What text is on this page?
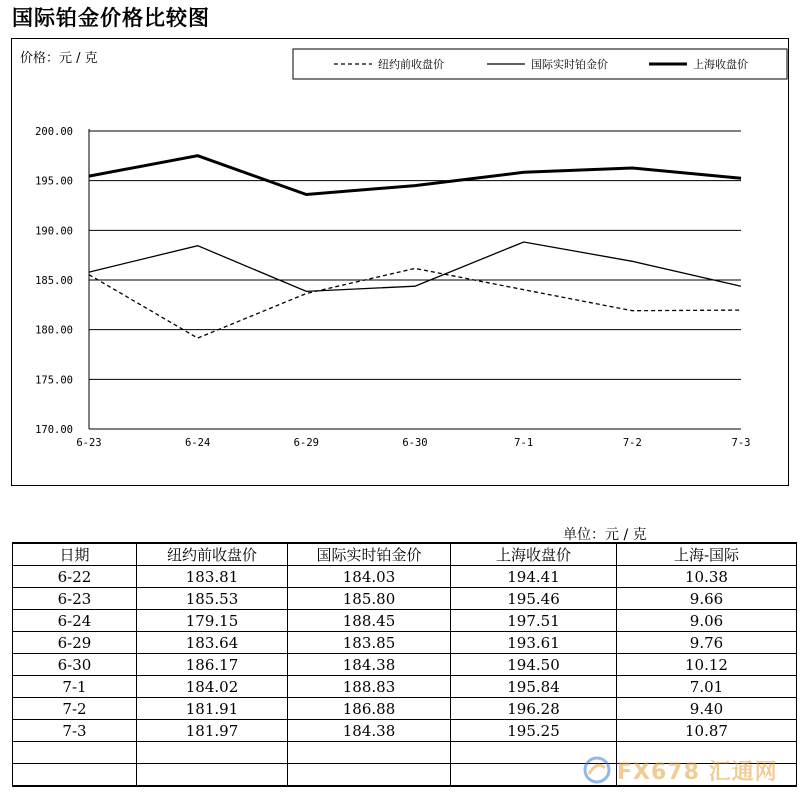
国际铂金价格比较图
价格：元 / 克
200.00
195.00
190.00
185.00
180.00
175.00
170.00
6-23	6-24	6-29	6-30	7-1	7-2	7-3
纽约前收盘价	国际实时铂金价	上海收盘价
单位：元 / 克
日期	纽约前收盘价	国际实时铂金价	上海收盘价	上海-国际
6-22	183.81	184.03	194.41	10.38
6-23	185.53	185.80	195.46	9.66
6-24	179.15	188.45	197.51	9.06
6-29	183.64	183.85	193.61	9.76
6-30	186.17	184.38	194.50	10.12
7-1	184.02	188.83	195.84	7.01
7-2	181.91	186.88	196.28	9.40
7-3	181.97	184.38	195.25	10.87

FX678 汇通网
